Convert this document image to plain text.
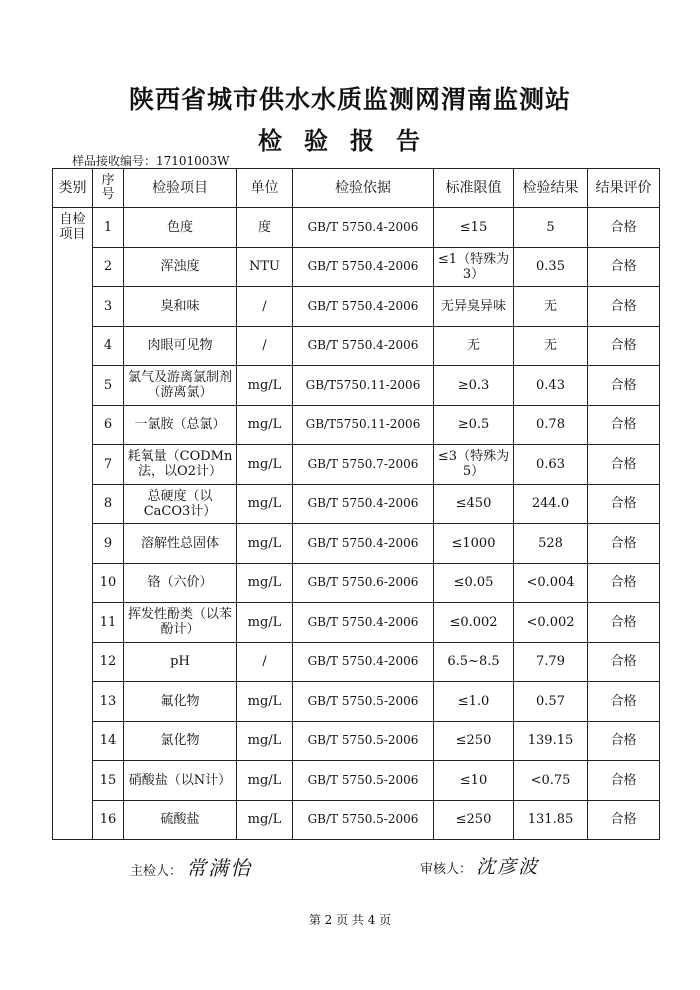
陕西省城市供水水质监测网渭南监测站
检验报告
样品接收编号：17101003W
类别	序号	检验项目	单位	检验依据	标准限值	检验结果	结果评价
自检项目	1	色度	度	GB/T 5750.4-2006	≤15	5	合格
	2	浑浊度	NTU	GB/T 5750.4-2006	≤1（特殊为3）	0.35	合格
	3	臭和味	/	GB/T 5750.4-2006	无异臭异味	无	合格
	4	肉眼可见物	/	GB/T 5750.4-2006	无	无	合格
	5	氯气及游离氯制剂（游离氯）	mg/L	GB/T5750.11-2006	≥0.3	0.43	合格
	6	一氯胺（总氯）	mg/L	GB/T5750.11-2006	≥0.5	0.78	合格
	7	耗氧量（CODMn法，以O2计）	mg/L	GB/T 5750.7-2006	≤3（特殊为5）	0.63	合格
	8	总硬度（以CaCO3计）	mg/L	GB/T 5750.4-2006	≤450	244.0	合格
	9	溶解性总固体	mg/L	GB/T 5750.4-2006	≤1000	528	合格
	10	铬（六价）	mg/L	GB/T 5750.6-2006	≤0.05	<0.004	合格
	11	挥发性酚类（以苯酚计）	mg/L	GB/T 5750.4-2006	≤0.002	<0.002	合格
	12	pH	/	GB/T 5750.4-2006	6.5~8.5	7.79	合格
	13	氟化物	mg/L	GB/T 5750.5-2006	≤1.0	0.57	合格
	14	氯化物	mg/L	GB/T 5750.5-2006	≤250	139.15	合格
	15	硝酸盐（以N计）	mg/L	GB/T 5750.5-2006	≤10	<0.75	合格
	16	硫酸盐	mg/L	GB/T 5750.5-2006	≤250	131.85	合格
主检人： 常满怡	审核人： 沈彦波
第 2 页 共 4 页
